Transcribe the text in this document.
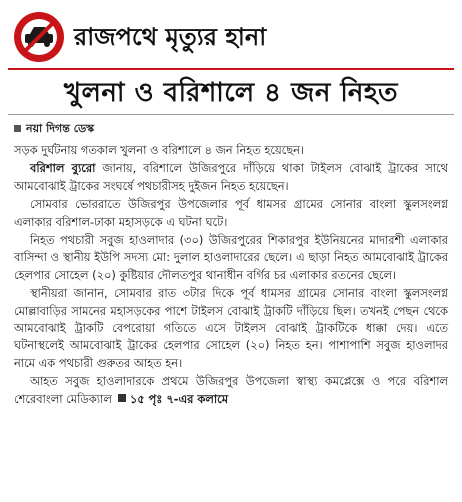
রাজপথে মৃত্যুর হানা
খুলনা ও বরিশালে ৪ জন নিহত
নয়া দিগন্ত ডেস্ক

সড়ক দুর্ঘটনায় গতকাল খুলনা ও বরিশালে ৪ জন নিহত হয়েছেন।

বরিশাল ব্যুরো জানায়, বরিশালে উজিরপুরে দাঁড়িয়ে থাকা টাইলস বোঝাই ট্রাকের সাথে আমবোঝাই ট্রাকের সংঘর্ষে পথচারীসহ দুইজন নিহত হয়েছেন।

সোমবার ভোররাতে উজিরপুর উপজেলার পূর্ব ধামসর গ্রামের সোনার বাংলা স্কুলসংলগ্ন এলাকার বরিশাল-ঢাকা মহাসড়কে এ ঘটনা ঘটে।

নিহত পথচারী সবুজ হাওলাদার (৩০) উজিরপুরের শিকারপুর ইউনিয়নের মাদারশী এলাকার বাসিন্দা ও স্থানীয় ইউপি সদস্য মো: দুলাল হাওলাদারের ছেলে। এ ছাড়া নিহত আমবোঝাই ট্রাকের হেলপার সোহেল (২০) কুষ্টিয়ার দৌলতপুর থানাধীন বর্গির চর এলাকার রতনের ছেলে।

স্থানীয়রা জানান, সোমবার রাত ৩টার দিকে পূর্ব ধামসর গ্রামের সোনার বাংলা স্কুলসংলগ্ন মোল্লাবাড়ির সামনের মহাসড়কের পাশে টাইলস বোঝাই ট্রাকটি দাঁড়িয়ে ছিল। তখনই পেছন থেকে আমবোঝাই ট্রাকটি বেপরোয়া গতিতে এসে টাইলস বোঝাই ট্রাকটিকে ধাক্কা দেয়। এতে ঘটনাস্থলেই আমবোঝাই ট্রাকের হেলপার সোহেল (২০) নিহত হন। পাশাপাশি সবুজ হাওলাদর নামে এক পথচারী গুরুতর আহত হন।

আহত সবুজ হাওলাদারকে প্রথমে উজিরপুর উপজেলা স্বাস্থ্য কমপ্লেক্সে ও পরে বরিশাল শেরেবাংলা মেডিক্যাল ১৫ পৃঃ ৭-এর কলামে
